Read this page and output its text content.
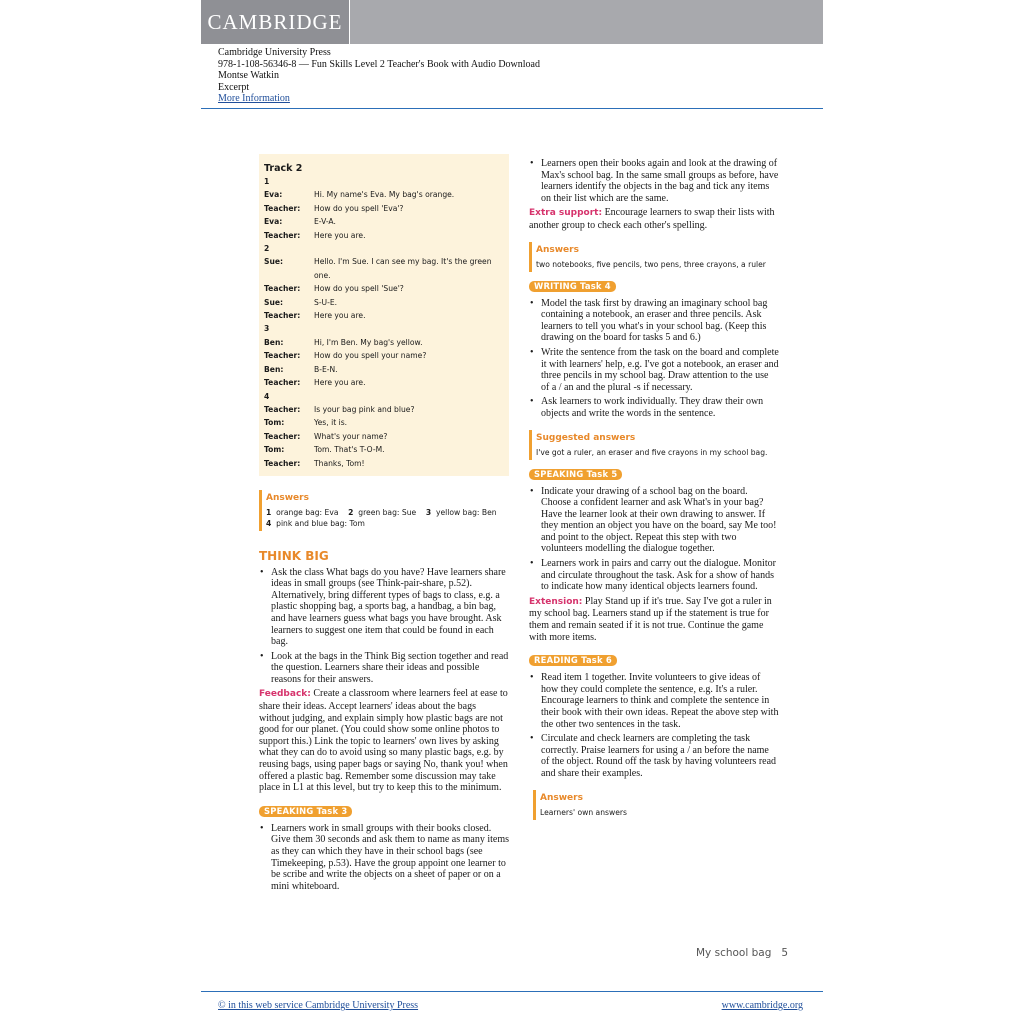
CAMBRIDGE
Cambridge University Press
978-1-108-56346-8 — Fun Skills Level 2 Teacher's Book with Audio Download
Montse Watkin
Excerpt
More Information
Track 2
1
Eva:	Hi. My name's Eva. My bag's orange.
Teacher:	How do you spell 'Eva'?
Eva:	E-V-A.
Teacher:	Here you are.
2
Sue:	Hello. I'm Sue. I can see my bag. It's the green one.
Teacher:	How do you spell 'Sue'?
Sue:	S-U-E.
Teacher:	Here you are.
3
Ben:	Hi, I'm Ben. My bag's yellow.
Teacher:	How do you spell your name?
Ben:	B-E-N.
Teacher:	Here you are.
4
Teacher:	Is your bag pink and blue?
Tom:	Yes, it is.
Teacher:	What's your name?
Tom:	Tom. That's T-O-M.
Teacher:	Thanks, Tom!
Answers
1 orange bag: Eva 2 green bag: Sue 3 yellow bag: Ben
4 pink and blue bag: Tom
THINK BIG
• Ask the class What bags do you have? Have learners share ideas in small groups (see Think-pair-share, p.52). Alternatively, bring different types of bags to class, e.g. a plastic shopping bag, a sports bag, a handbag, a bin bag, and have learners guess what bags you have brought. Ask learners to suggest one item that could be found in each bag.
• Look at the bags in the Think Big section together and read the question. Learners share their ideas and possible reasons for their answers.

Feedback: Create a classroom where learners feel at ease to share their ideas. Accept learners' ideas about the bags without judging, and explain simply how plastic bags are not good for our planet. (You could show some online photos to support this.) Link the topic to learners' own lives by asking what they can do to avoid using so many plastic bags, e.g. by reusing bags, using paper bags or saying No, thank you! when offered a plastic bag. Remember some discussion may take place in L1 at this level, but try to keep this to the minimum.

SPEAKING Task 3
• Learners work in small groups with their books closed. Give them 30 seconds and ask them to name as many items as they can which they have in their school bags (see Timekeeping, p.53). Have the group appoint one learner to be scribe and write the objects on a sheet of paper or on a mini whiteboard.
• Learners open their books again and look at the drawing of Max's school bag. In the same small groups as before, have learners identify the objects in the bag and tick any items on their list which are the same.

Extra support: Encourage learners to swap their lists with another group to check each other's spelling.

Answers
two notebooks, five pencils, two pens, three crayons, a ruler
WRITING Task 4
• Model the task first by drawing an imaginary school bag containing a notebook, an eraser and three pencils. Ask learners to tell you what's in your school bag. (Keep this drawing on the board for tasks 5 and 6.)
• Write the sentence from the task on the board and complete it with learners' help, e.g. I've got a notebook, an eraser and three pencils in my school bag. Draw attention to the use of a / an and the plural -s if necessary.
• Ask learners to work individually. They draw their own objects and write the words in the sentence.
Suggested answers
I've got a ruler, an eraser and five crayons in my school bag.
SPEAKING Task 5
• Indicate your drawing of a school bag on the board. Choose a confident learner and ask What's in your bag? Have the learner look at their own drawing to answer. If they mention an object you have on the board, say Me too! and point to the object. Repeat this step with two volunteers modelling the dialogue together.
• Learners work in pairs and carry out the dialogue. Monitor and circulate throughout the task. Ask for a show of hands to indicate how many identical objects learners found.

Extension: Play Stand up if it's true. Say I've got a ruler in my school bag. Learners stand up if the statement is true for them and remain seated if it is not true. Continue the game with more items.

READING Task 6
• Read item 1 together. Invite volunteers to give ideas of how they could complete the sentence, e.g. It's a ruler. Encourage learners to think and complete the sentence in their book with their own ideas. Repeat the above step with the other two sentences in the task.
• Circulate and check learners are completing the task correctly. Praise learners for using a / an before the name of the object. Round off the task by having volunteers read and share their examples.
Answers
Learners' own answers
My school bag 5
© in this web service Cambridge University Press	www.cambridge.org
